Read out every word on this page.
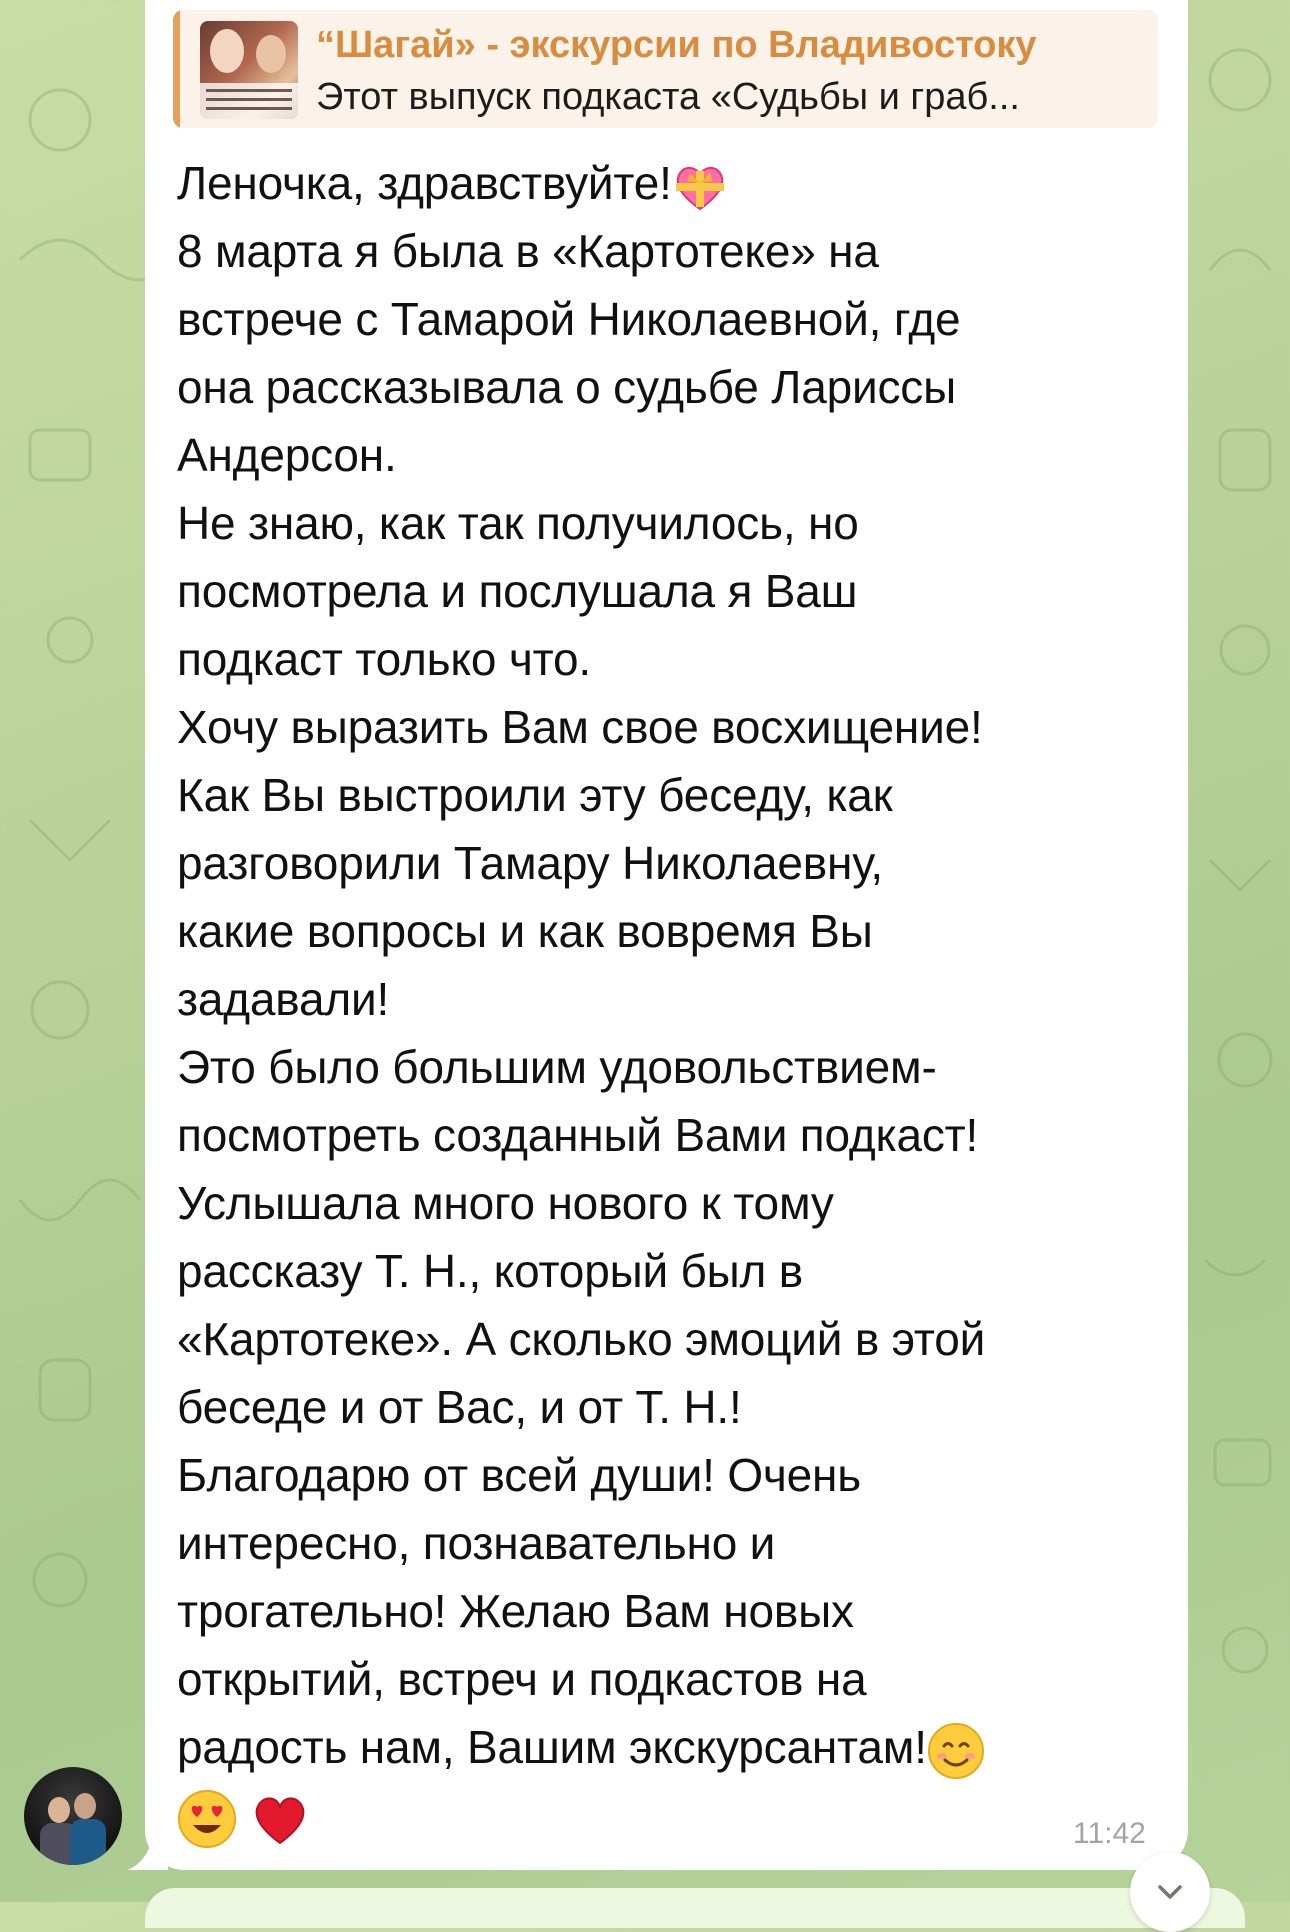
“Шагай» - экскурсии по Владивостоку
Этот выпуск подкаста «Судьбы и граб...
Леночка, здравствуйте!
8 марта я была в «Картотеке» на
встрече с Тамарой Николаевной, где
она рассказывала о судьбе Ларисcы
Андерсон.
Не знаю, как так получилось, но
посмотрела и послушала я Ваш
подкаст только что.
Хочу выразить Вам свое восхищение!
Как Вы выстроили эту беседу, как
разговорили Тамару Николаевну,
какие вопросы и как вовремя Вы
задавали!
Это было большим удовольствием-
посмотреть созданный Вами подкаст!
Услышала много нового к тому
рассказу Т. Н., который был в
«Картотеке». А сколько эмоций в этой
беседе и от Вас, и от Т. Н.!
Благодарю от всей души! Очень
интересно, познавательно и
трогательно! Желаю Вам новых
открытий, встреч и подкастов на
радость нам, Вашим экскурсантам!

11:42
